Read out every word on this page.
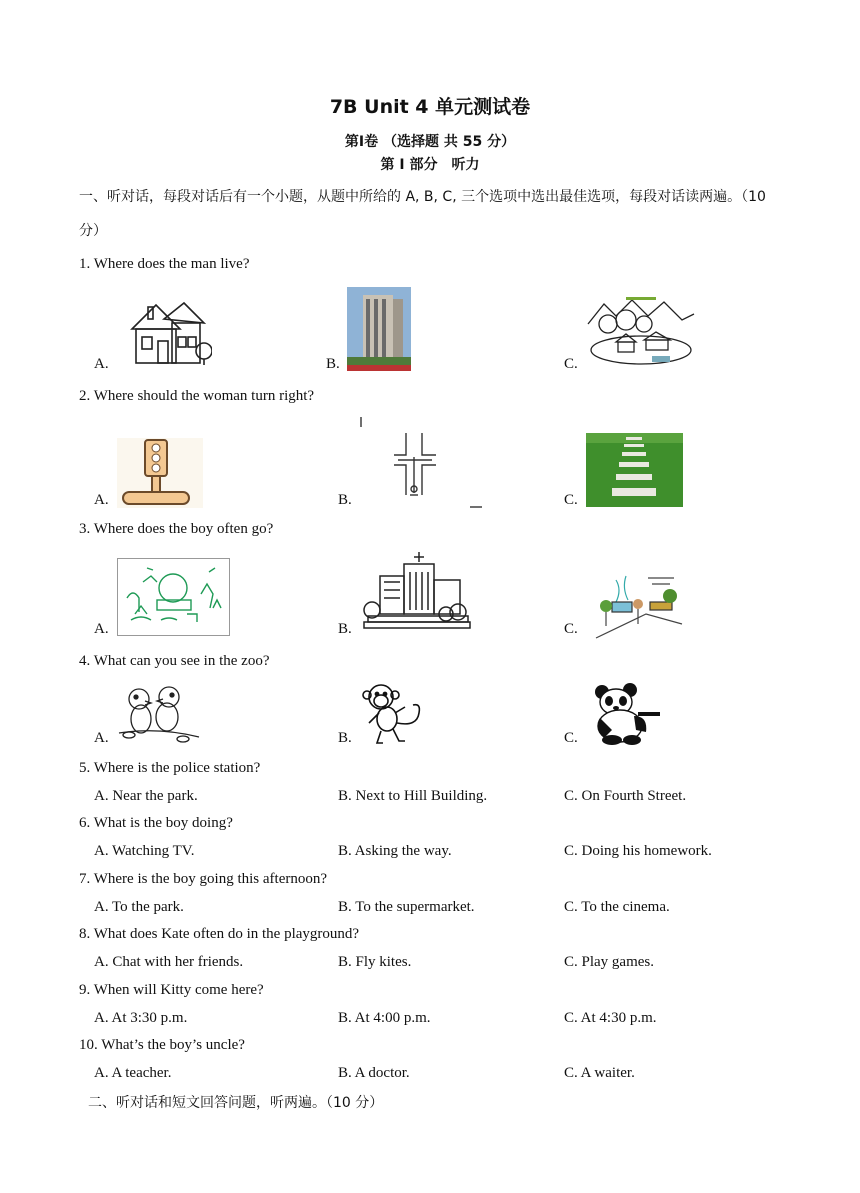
7B Unit 4 单元测试卷
第Ⅰ卷 （选择题 共 55 分）
第 I 部分　听力
一、听对话，每段对话后有一个小题，从题中所给的 A, B, C, 三个选项中选出最佳选项，每段对话读两遍。（10 分）
1. Where does the man live?
A.	B.	C.
2. Where should the woman turn right?
A.	B.	C.
3. Where does the boy often go?
A.	B.	C.
4. What can you see in the zoo?
A.	B.	C.
5. Where is the police station?
A. Near the park.	B. Next to Hill Building.	C. On Fourth Street.
6. What is the boy doing?
A. Watching TV.	B. Asking the way.	C. Doing his homework.
7. Where is the boy going this afternoon?
A. To the park.	B. To the supermarket.	C. To the cinema.
8. What does Kate often do in the playground?
A. Chat with her friends.	B. Fly kites.	C. Play games.
9. When will Kitty come here?
A. At 3:30 p.m.	B. At 4:00 p.m.	C. At 4:30 p.m.
10. What’s the boy’s uncle?
A. A teacher.	B. A doctor.	C. A waiter.
二、听对话和短文回答问题，听两遍。（10 分）
